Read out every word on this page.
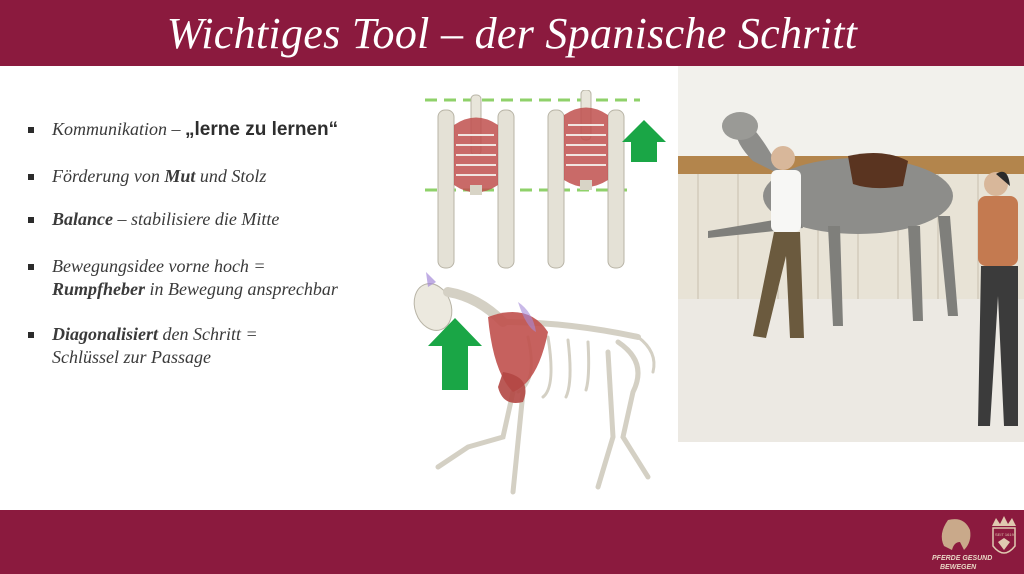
Wichtiges Tool – der Spanische Schritt
Kommunikation – „lerne zu lernen“
Förderung von Mut und Stolz
Balance – stabilisiere die Mitte
Bewegungsidee vorne hoch =
Rumpfheber in Bewegung ansprechbar
Diagonalisiert den Schritt =
Schlüssel zur Passage
PFERDE GESUND
BEWEGEN
SEIT 1619
